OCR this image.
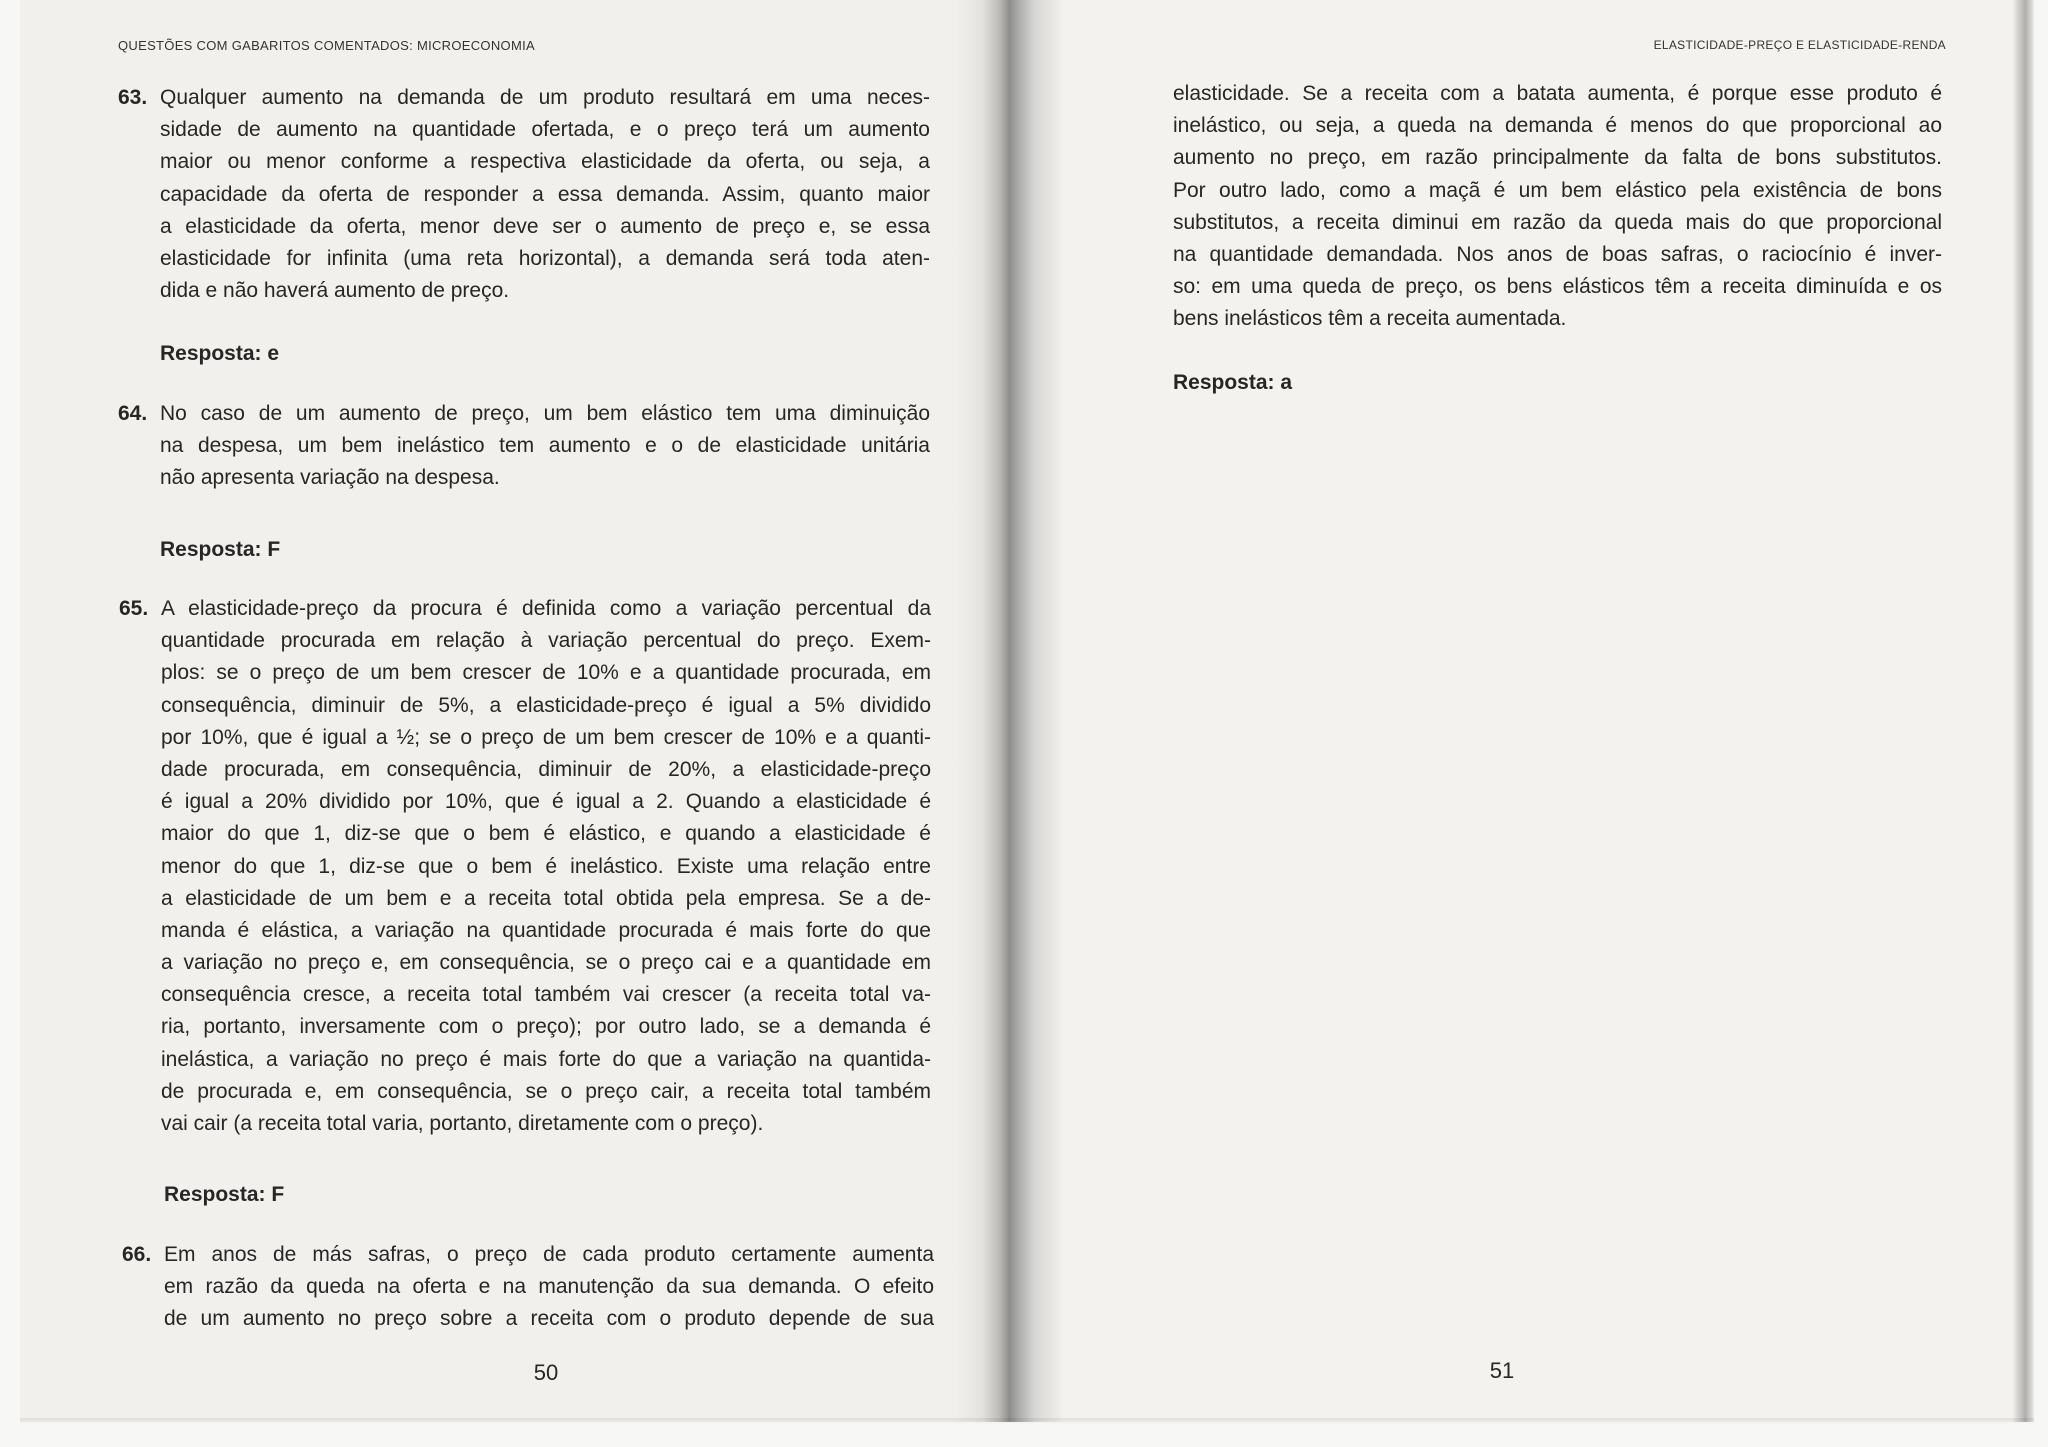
QUESTÕES COM GABARITOS COMENTADOS: MICROECONOMIA
63. Qualquer aumento na demanda de um produto resultará em uma neces-
sidade de aumento na quantidade ofertada, e o preço terá um aumento
maior ou menor conforme a respectiva elasticidade da oferta, ou seja, a
capacidade da oferta de responder a essa demanda. Assim, quanto maior
a elasticidade da oferta, menor deve ser o aumento de preço e, se essa
elasticidade for infinita (uma reta horizontal), a demanda será toda aten-
dida e não haverá aumento de preço.
Resposta: e
64. No caso de um aumento de preço, um bem elástico tem uma diminuição
na despesa, um bem inelástico tem aumento e o de elasticidade unitária
não apresenta variação na despesa.
Resposta: F
65. A elasticidade-preço da procura é definida como a variação percentual da
quantidade procurada em relação à variação percentual do preço. Exem-
plos: se o preço de um bem crescer de 10% e a quantidade procurada, em
consequência, diminuir de 5%, a elasticidade-preço é igual a 5% dividido
por 10%, que é igual a ½; se o preço de um bem crescer de 10% e a quanti-
dade procurada, em consequência, diminuir de 20%, a elasticidade-preço
é igual a 20% dividido por 10%, que é igual a 2. Quando a elasticidade é
maior do que 1, diz-se que o bem é elástico, e quando a elasticidade é
menor do que 1, diz-se que o bem é inelástico. Existe uma relação entre
a elasticidade de um bem e a receita total obtida pela empresa. Se a de-
manda é elástica, a variação na quantidade procurada é mais forte do que
a variação no preço e, em consequência, se o preço cai e a quantidade em
consequência cresce, a receita total também vai crescer (a receita total va-
ria, portanto, inversamente com o preço); por outro lado, se a demanda é
inelástica, a variação no preço é mais forte do que a variação na quantida-
de procurada e, em consequência, se o preço cair, a receita total também
vai cair (a receita total varia, portanto, diretamente com o preço).
Resposta: F
66. Em anos de más safras, o preço de cada produto certamente aumenta
em razão da queda na oferta e na manutenção da sua demanda. O efeito
de um aumento no preço sobre a receita com o produto depende de sua
50
ELASTICIDADE-PREÇO E ELASTICIDADE-RENDA
elasticidade. Se a receita com a batata aumenta, é porque esse produto é
inelástico, ou seja, a queda na demanda é menos do que proporcional ao
aumento no preço, em razão principalmente da falta de bons substitutos.
Por outro lado, como a maçã é um bem elástico pela existência de bons
substitutos, a receita diminui em razão da queda mais do que proporcional
na quantidade demandada. Nos anos de boas safras, o raciocínio é inver-
so: em uma queda de preço, os bens elásticos têm a receita diminuída e os
bens inelásticos têm a receita aumentada.
Resposta: a
51
